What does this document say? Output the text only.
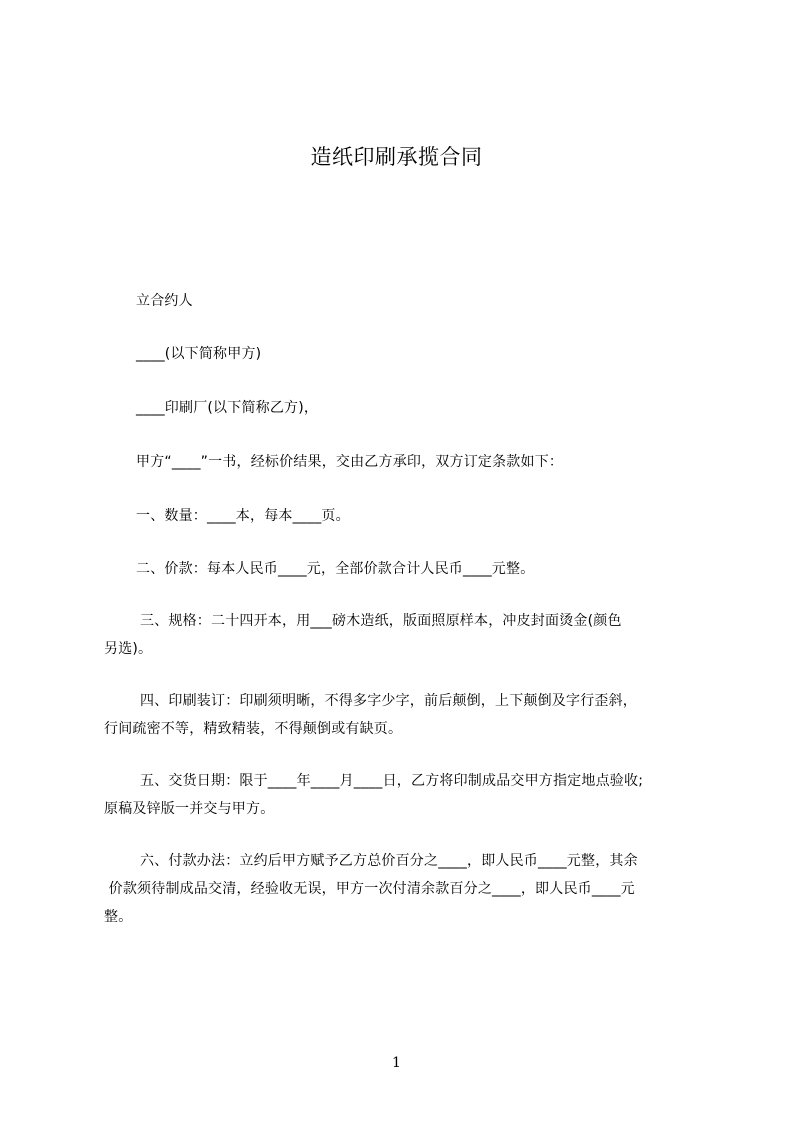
造纸印刷承揽合同
立合约人
____(以下简称甲方)
____印刷厂(以下简称乙方)，
甲方“____”一书，经标价结果，交由乙方承印，双方订定条款如下：
一、数量：____本，每本____页。
二、价款：每本人民币____元，全部价款合计人民币____元整。
三、规格：二十四开本，用___磅木造纸，版面照原样本，冲皮封面烫金(颜色
另选)。
四、印刷装订：印刷须明晰，不得多字少字，前后颠倒，上下颠倒及字行歪斜，
行间疏密不等，精致精装，不得颠倒或有缺页。
五、交货日期：限于____年____月____日，乙方将印制成品交甲方指定地点验收;
原稿及锌版一并交与甲方。
六、付款办法：立约后甲方赋予乙方总价百分之____，即人民币____元整，其余
价款须待制成品交清，经验收无误，甲方一次付清余款百分之____，即人民币____元
整。
1
